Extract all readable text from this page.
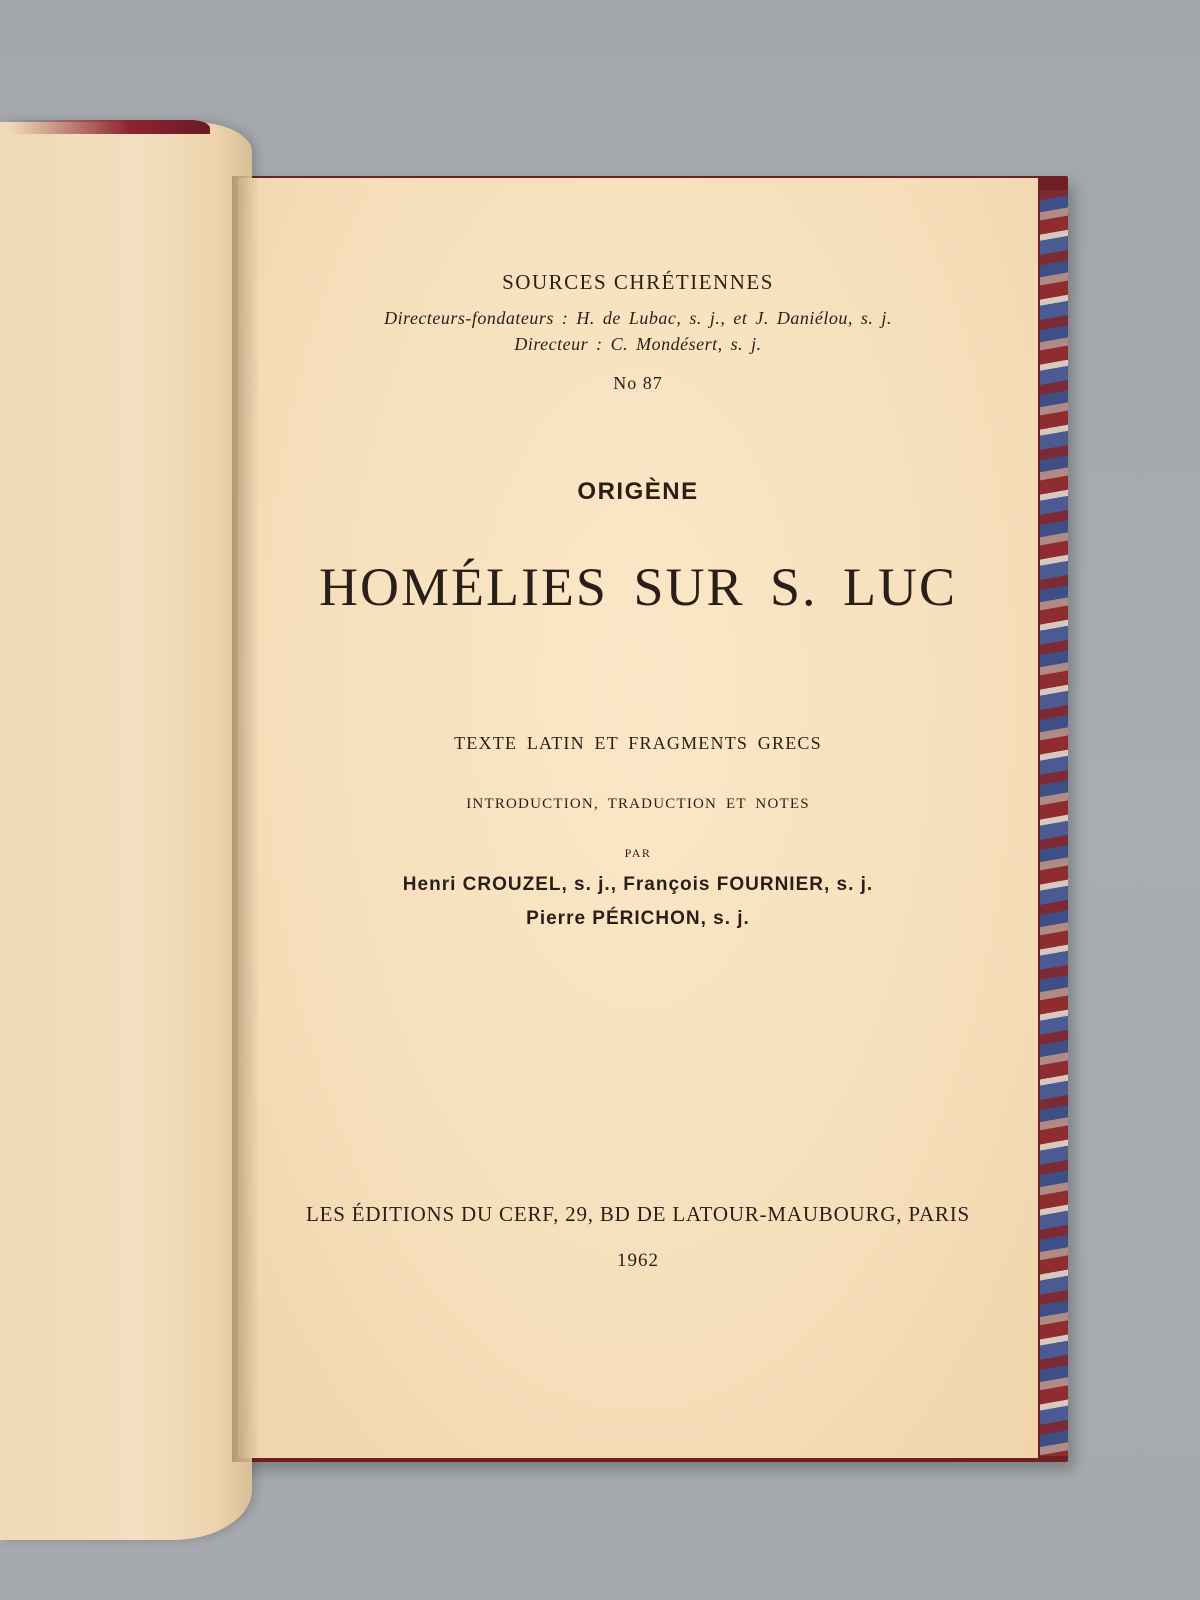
SOURCES CHRÉTIENNES

Directeurs-fondateurs : H. de Lubac, s. j., et J. Daniélou, s. j.

Directeur : C. Mondésert, s. j.

No 87

ORIGÈNE

HOMÉLIES SUR S. LUC

TEXTE LATIN ET FRAGMENTS GRECS

INTRODUCTION, TRADUCTION ET NOTES

PAR

Henri CROUZEL, s. j., François FOURNIER, s. j.

Pierre PÉRICHON, s. j.

LES ÉDITIONS DU CERF, 29, BD DE LATOUR-MAUBOURG, PARIS

1962
